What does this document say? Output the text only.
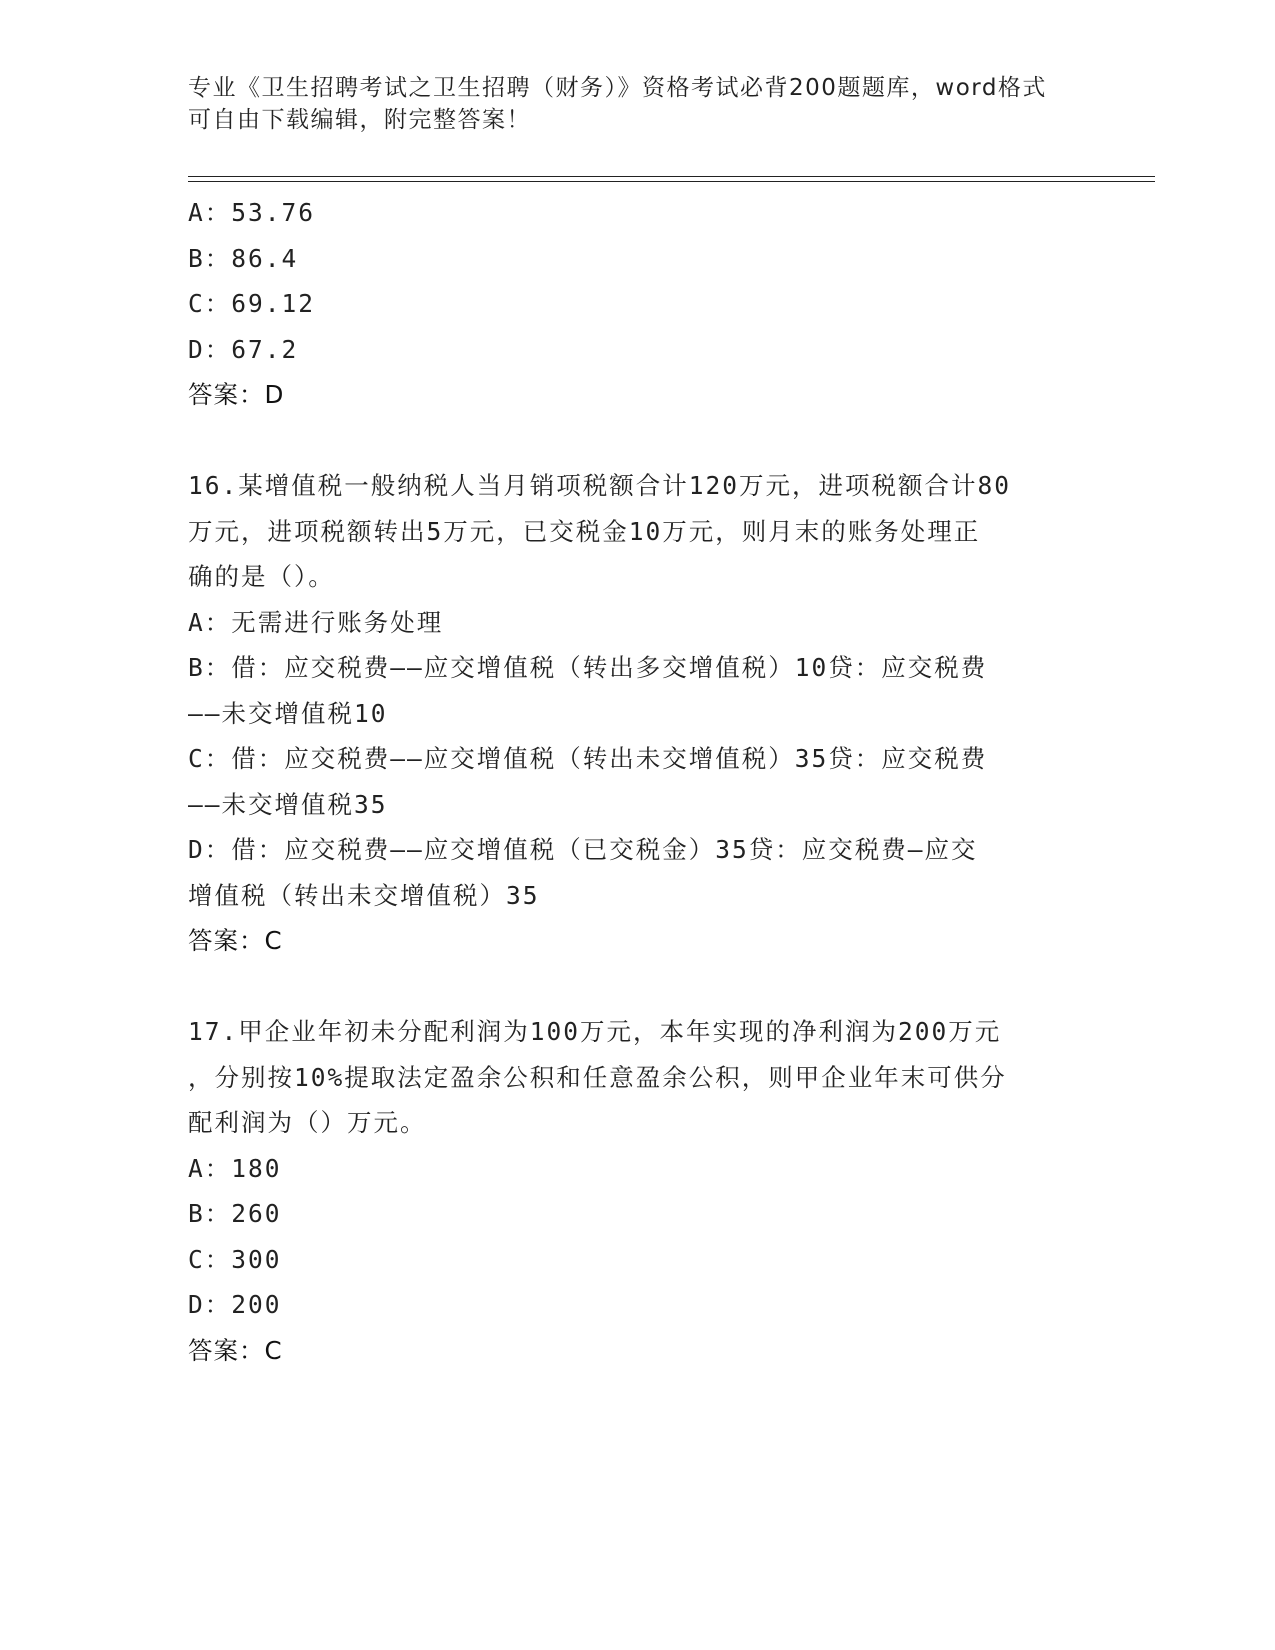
专业《卫生招聘考试之卫生招聘（财务）》资格考试必背200题题库，word格式
可自由下载编辑，附完整答案！

A：53.76

B：86.4

C：69.12

D：67.2

答案：D

16.某增值税一般纳税人当月销项税额合计120万元，进项税额合计80

万元，进项税额转出5万元，已交税金10万元，则月末的账务处理正

确的是（）。

A：无需进行账务处理

B：借：应交税费——应交增值税（转出多交增值税）10贷：应交税费

——未交增值税10

C：借：应交税费——应交增值税（转出未交增值税）35贷：应交税费

——未交增值税35

D：借：应交税费——应交增值税（已交税金）35贷：应交税费—应交

增值税（转出未交增值税）35

答案：C

17.甲企业年初未分配利润为100万元，本年实现的净利润为200万元

，分别按10%提取法定盈余公积和任意盈余公积，则甲企业年末可供分

配利润为（）万元。

A：180

B：260

C：300

D：200

答案：C
